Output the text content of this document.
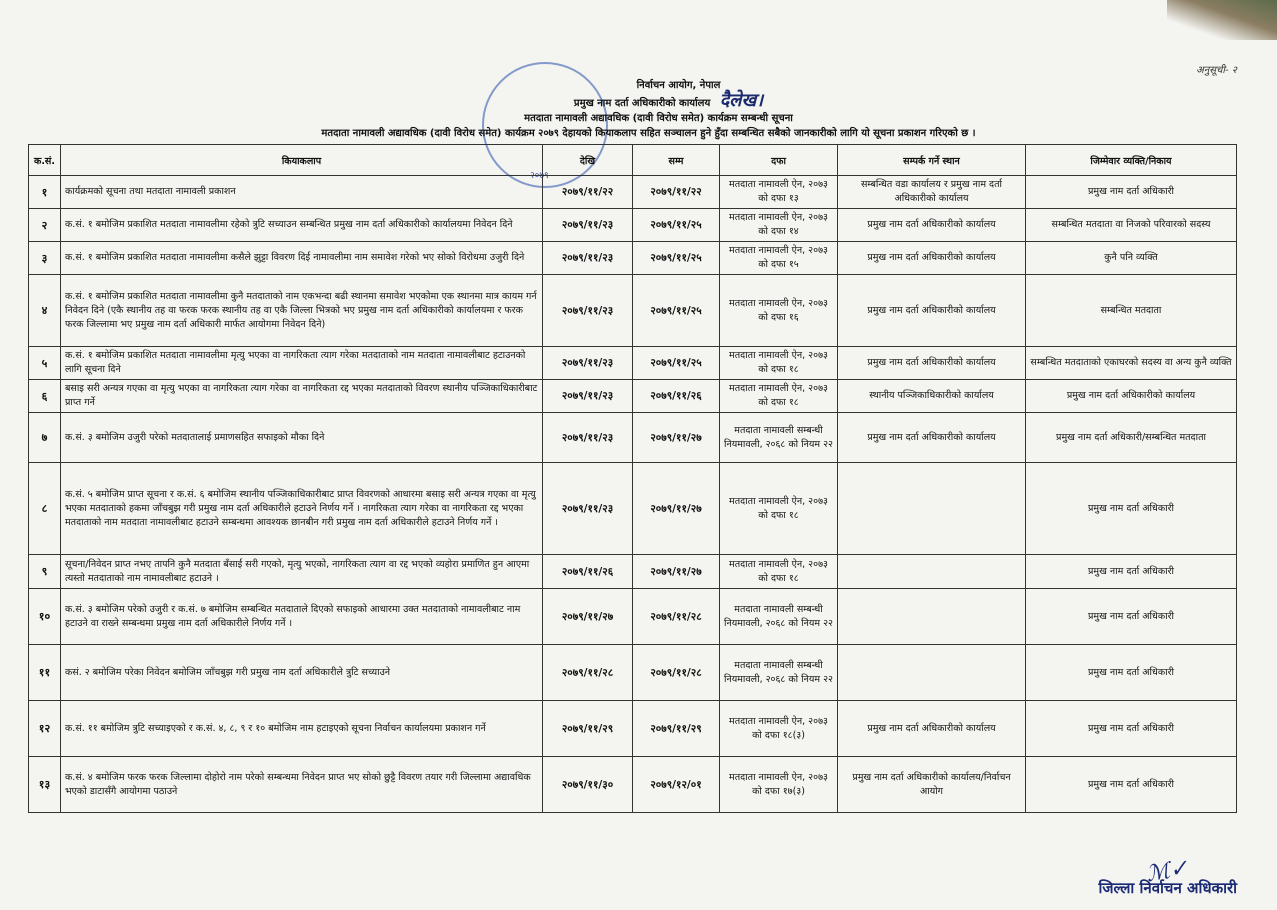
अनुसूची- २
२०७९
निर्वाचन आयोग, नेपाल
प्रमुख नाम दर्ता अधिकारीको कार्यालय दैलेख।
मतदाता नामावली अद्यावधिक (दावी विरोध समेत) कार्यक्रम सम्बन्धी सूचना
मतदाता नामावली अद्यावधिक (दावी विरोध समेत) कार्यक्रम २०७९ देहायको कियाकलाप सहित सञ्चालन हुने हुँदा सम्बन्धित सबैको जानकारीको लागि यो सूचना प्रकाशन गरिएको छ ।
क.सं.	कियाकलाप	देखि	सम्म	दफा	सम्पर्क गर्ने स्थान	जिम्मेवार व्यक्ति/निकाय
१	कार्यक्रमको सूचना तथा मतदाता नामावली प्रकाशन	२०७९/११/२२	२०७९/११/२२	मतदाता नामावली ऐन, २०७३ को दफा १३	सम्बन्धित वडा कार्यालय र प्रमुख नाम दर्ता अधिकारीको कार्यालय	प्रमुख नाम दर्ता अधिकारी
२	क.सं. १ बमोजिम प्रकाशित मतदाता नामावलीमा रहेको त्रुटि सच्याउन सम्बन्धित प्रमुख नाम दर्ता अधिकारीको कार्यालयमा निवेदन दिने	२०७९/११/२३	२०७९/११/२५	मतदाता नामावली ऐन, २०७३ को दफा १४	प्रमुख नाम दर्ता अधिकारीको कार्यालय	सम्बन्धित मतदाता वा निजको परिवारको सदस्य
३	क.सं. १ बमोजिम प्रकाशित मतदाता नामावलीमा कसैले झुट्टा विवरण दिई नामावलीमा नाम समावेश गरेको भए सोको विरोधमा उजुरी दिने	२०७९/११/२३	२०७९/११/२५	मतदाता नामावली ऐन, २०७३ को दफा १५	प्रमुख नाम दर्ता अधिकारीको कार्यालय	कुनै पनि व्यक्ति
४	क.सं. १ बमोजिम प्रकाशित मतदाता नामावलीमा कुनै मतदाताको नाम एकभन्दा बढी स्थानमा समावेश भएकोमा एक स्थानमा मात्र कायम गर्न निवेदन दिने (एकै स्थानीय तह वा फरक फरक स्थानीय तह वा एकै जिल्ला भित्रको भए प्रमुख नाम दर्ता अधिकारीको कार्यालयमा र फरक फरक जिल्लामा भए प्रमुख नाम दर्ता अधिकारी मार्फत आयोगमा निवेदन दिने)	२०७९/११/२३	२०७९/११/२५	मतदाता नामावली ऐन, २०७३ को दफा १६	प्रमुख नाम दर्ता अधिकारीको कार्यालय	सम्बन्धित मतदाता
५	क.सं. १ बमोजिम प्रकाशित मतदाता नामावलीमा मृत्यु भएका वा नागरिकता त्याग गरेका मतदाताको नाम मतदाता नामावलीबाट हटाउनको लागि सूचना दिने	२०७९/११/२३	२०७९/११/२५	मतदाता नामावली ऐन, २०७३ को दफा १८	प्रमुख नाम दर्ता अधिकारीको कार्यालय	सम्बन्धित मतदाताको एकाघरको सदस्य वा अन्य कुनै व्यक्ति
६	बसाइ सरी अन्यत्र गएका वा मृत्यु भएका वा नागरिकता त्याग गरेका वा नागरिकता रद्द भएका मतदाताको विवरण स्थानीय पञ्जिकाधिकारीबाट प्राप्त गर्ने	२०७९/११/२३	२०७९/११/२६	मतदाता नामावली ऐन, २०७३ को दफा १८	स्थानीय पञ्जिकाधिकारीको कार्यालय	प्रमुख नाम दर्ता अधिकारीको कार्यालय
७	क.सं. ३ बमोजिम उजुरी परेको मतदातालाई प्रमाणसहित सफाइको मौका दिने	२०७९/११/२३	२०७९/११/२७	मतदाता नामावली सम्बन्धी नियमावली, २०६८ को नियम २२	प्रमुख नाम दर्ता अधिकारीको कार्यालय	प्रमुख नाम दर्ता अधिकारी/सम्बन्धित मतदाता
८	क.सं. ५ बमोजिम प्राप्त सूचना र क.सं. ६ बमोजिम स्थानीय पञ्जिकाधिकारीबाट प्राप्त विवरणको आधारमा बसाइ सरी अन्यत्र गएका वा मृत्यु भएका मतदाताको हकमा जाँचबुझ गरी प्रमुख नाम दर्ता अधिकारीले हटाउने निर्णय गर्ने । नागरिकता त्याग गरेका वा नागरिकता रद्द भएका मतदाताको नाम मतदाता नामावलीबाट हटाउने सम्बन्धमा आवश्यक छानबीन गरी प्रमुख नाम दर्ता अधिकारीले हटाउने निर्णय गर्ने ।	२०७९/११/२३	२०७९/११/२७	मतदाता नामावली ऐन, २०७३ को दफा १८		प्रमुख नाम दर्ता अधिकारी
९	सूचना/निवेदन प्राप्त नभए तापनि कुनै मतदाता बँसाई सरी गएको, मृत्यु भएको, नागरिकता त्याग वा रद्द भएको व्यहोरा प्रमाणित हुन आएमा त्यस्तो मतदाताको नाम नामावलीबाट हटाउने ।	२०७९/११/२६	२०७९/११/२७	मतदाता नामावली ऐन, २०७३ को दफा १८		प्रमुख नाम दर्ता अधिकारी
१०	क.सं. ३ बमोजिम परेको उजुरी र क.सं. ७ बमोजिम सम्बन्धित मतदाताले दिएको सफाइको आधारमा उक्त मतदाताको नामावलीबाट नाम हटाउने वा राख्ने सम्बन्धमा प्रमुख नाम दर्ता अधिकारीले निर्णय गर्ने ।	२०७९/११/२७	२०७९/११/२८	मतदाता नामावली सम्बन्धी नियमावली, २०६८ को नियम २२		प्रमुख नाम दर्ता अधिकारी
११	कसं. २ बमोजिम परेका निवेदन बमोजिम जाँचबुझ गरी प्रमुख नाम दर्ता अधिकारीले त्रुटि सच्याउने	२०७९/११/२८	२०७९/११/२८	मतदाता नामावली सम्बन्धी नियमावली, २०६८ को नियम २२		प्रमुख नाम दर्ता अधिकारी
१२	क.सं. ११ बमोजिम त्रुटि सच्याइएको र क.सं. ४, ८, ९ र १० बमोजिम नाम हटाइएको सूचना निर्वाचन कार्यालयमा प्रकाशन गर्ने	२०७९/११/२९	२०७९/११/२९	मतदाता नामावली ऐन, २०७३ को दफा १८(३)	प्रमुख नाम दर्ता अधिकारीको कार्यालय	प्रमुख नाम दर्ता अधिकारी
१३	क.सं. ४ बमोजिम फरक फरक जिल्लामा दोहोरो नाम परेको सम्बन्धमा निवेदन प्राप्त भए सोको छुट्टै विवरण तयार गरी जिल्लामा अद्यावधिक भएको डाटासँगै आयोगमा पठाउने	२०७९/११/३०	२०७९/१२/०१	मतदाता नामावली ऐन, २०७३ को दफा १७(३)	प्रमुख नाम दर्ता अधिकारीको कार्यालय/निर्वाचन आयोग	प्रमुख नाम दर्ता अधिकारी
ℳ✓
जिल्ला निर्वाचन अधिकारी
